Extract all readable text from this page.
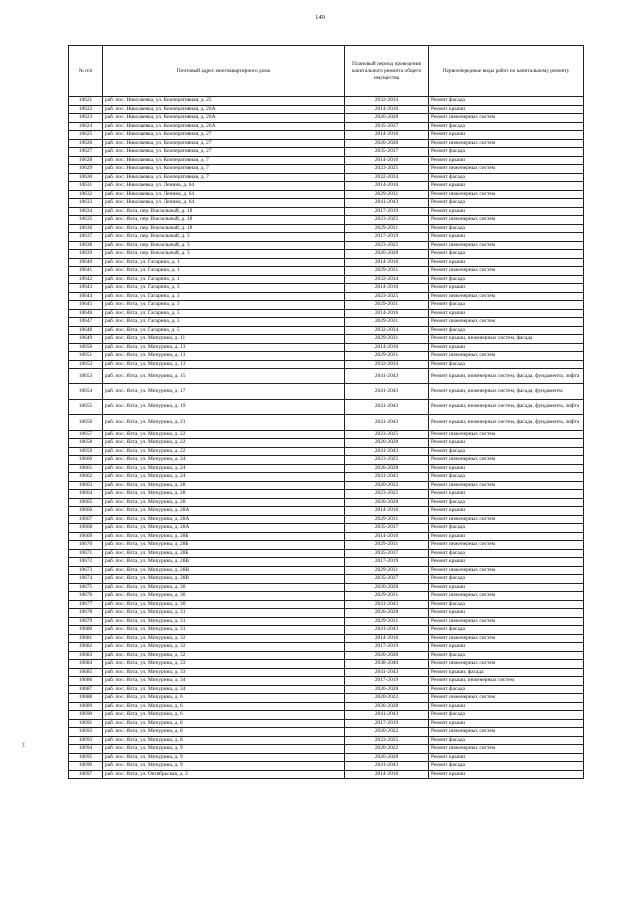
149
⁒
№ п/п	Почтовый адрес многоквартирного дома	Плановый период проведения капитального ремонта общего имущества	Первоочередные виды работ по капитальному ремонту
10621	раб. пос. Николаевка, ул. Кооперативная, д. 25	2032-2034	Ремонт фасада
10622	раб. пос. Николаевка, ул. Кооперативная, д. 26А	2014-2016	Ремонт крыши
10623	раб. пос. Николаевка, ул. Кооперативная, д. 26А	2026-2028	Ремонт инженерных систем
10624	раб. пос. Николаевка, ул. Кооперативная, д. 26А	2035-2037	Ремонт фасада
10625	раб. пос. Николаевка, ул. Кооперативная, д. 27	2014-2016	Ремонт крыши
10626	раб. пос. Николаевка, ул. Кооперативная, д. 27	2026-2028	Ремонт инженерных систем
10627	раб. пос. Николаевка, ул. Кооперативная, д. 27	2035-2037	Ремонт фасада
10628	раб. пос. Николаевка, ул. Кооперативная, д. 7	2014-2016	Ремонт крыши
10629	раб. пос. Николаевка, ул. Кооперативная, д. 7	2023-2025	Ремонт инженерных систем
10630	раб. пос. Николаевка, ул. Кооперативная, д. 7	2032-2034	Ремонт фасада
10631	раб. пос. Николаевка, ул. Ленина, д. 64	2014-2016	Ремонт крыши
10632	раб. пос. Николаевка, ул. Ленина, д. 64	2029-2031	Ремонт инженерных систем
10633	раб. пос. Николаевка, ул. Ленина, д. 64	2041-2043	Ремонт фасада
10634	раб. пос. Ялта, пер. Вокзальный, д. 18	2017-2019	Ремонт крыши
10635	раб. пос. Ялта, пер. Вокзальный, д. 18	2023-2025	Ремонт инженерных систем
10636	раб. пос. Ялта, пер. Вокзальный, д. 18	2029-2031	Ремонт фасада
10637	раб. пос. Ялта, пер. Вокзальный, д. 3	2017-2019	Ремонт крыши
10638	раб. пос. Ялта, пер. Вокзальный, д. 3	2023-2025	Ремонт инженерных систем
10639	раб. пос. Ялта, пер. Вокзальный, д. 3	2026-2028	Ремонт фасада
10640	раб. пос. Ялта, ул. Гагарина, д. 1	2014-2016	Ремонт крыши
10641	раб. пос. Ялта, ул. Гагарина, д. 1	2029-2031	Ремонт инженерных систем
10642	раб. пос. Ялта, ул. Гагарина, д. 1	2032-2034	Ремонт фасада
10643	раб. пос. Ялта, ул. Гагарина, д. 3	2014-2016	Ремонт крыши
10644	раб. пос. Ялта, ул. Гагарина, д. 3	2023-2025	Ремонт инженерных систем
10645	раб. пос. Ялта, ул. Гагарина, д. 3	2029-2031	Ремонт фасада
10646	раб. пос. Ялта, ул. Гагарина, д. 5	2014-2016	Ремонт крыши
10647	раб. пос. Ялта, ул. Гагарина, д. 5	2029-2031	Ремонт инженерных систем
10648	раб. пос. Ялта, ул. Гагарина, д. 5	2032-2034	Ремонт фасада
10649	раб. пос. Ялта, ул. Мичурина, д. 11	2029-2031	Ремонт крыши, инженерных систем, фасада
10650	раб. пос. Ялта, ул. Мичурина, д. 13	2014-2016	Ремонт крыши
10651	раб. пос. Ялта, ул. Мичурина, д. 13	2029-2031	Ремонт инженерных систем
10652	раб. пос. Ялта, ул. Мичурина, д. 13	2032-2034	Ремонт фасада
10653	раб. пос. Ялта, ул. Мичурина, д. 15	2041-2043	Ремонт крыши, инженерных систем, фасада, фундамента, лифта
10654	раб. пос. Ялта, ул. Мичурина, д. 17	2041-2043	Ремонт крыши, инженерных систем, фасада, фундамента
10655	раб. пос. Ялта, ул. Мичурина, д. 19	2041-2043	Ремонт крыши, инженерных систем, фасада, фундамента, лифта
10656	раб. пос. Ялта, ул. Мичурина, д. 21	2041-2043	Ремонт крыши, инженерных систем, фасада, фундамента, лифта
10657	раб. пос. Ялта, ул. Мичурина, д. 22	2023-2025	Ремонт инженерных систем
10658	раб. пос. Ялта, ул. Мичурина, д. 22	2026-2028	Ремонт крыши
10659	раб. пос. Ялта, ул. Мичурина, д. 22	2041-2043	Ремонт фасада
10660	раб. пос. Ялта, ул. Мичурина, д. 24	2023-2025	Ремонт инженерных систем
10661	раб. пос. Ялта, ул. Мичурина, д. 24	2026-2028	Ремонт крыши
10662	раб. пос. Ялта, ул. Мичурина, д. 24	2041-2043	Ремонт фасада
10663	раб. пос. Ялта, ул. Мичурина, д. 28	2020-2022	Ремонт инженерных систем
10664	раб. пос. Ялта, ул. Мичурина, д. 28	2023-2025	Ремонт крыши
10665	раб. пос. Ялта, ул. Мичурина, д. 28	2026-2028	Ремонт фасада
10666	раб. пос. Ялта, ул. Мичурина, д. 28А	2014-2016	Ремонт крыши
10667	раб. пос. Ялта, ул. Мичурина, д. 28А	2029-2031	Ремонт инженерных систем
10668	раб. пос. Ялта, ул. Мичурина, д. 28А	2035-2037	Ремонт фасада
10669	раб. пос. Ялта, ул. Мичурина, д. 28Б	2014-2016	Ремонт крыши
10670	раб. пос. Ялта, ул. Мичурина, д. 28Б	2029-2031	Ремонт инженерных систем
10671	раб. пос. Ялта, ул. Мичурина, д. 28Б	2035-2037	Ремонт фасада
10672	раб. пос. Ялта, ул. Мичурина, д. 28В	2017-2019	Ремонт крыши
10673	раб. пос. Ялта, ул. Мичурина, д. 28В	2029-2031	Ремонт инженерных систем
10674	раб. пос. Ялта, ул. Мичурина, д. 28В	2035-2037	Ремонт фасада
10675	раб. пос. Ялта, ул. Мичурина, д. 30	2026-2028	Ремонт крыши
10676	раб. пос. Ялта, ул. Мичурина, д. 30	2029-2031	Ремонт инженерных систем
10677	раб. пос. Ялта, ул. Мичурина, д. 30	2041-2043	Ремонт фасада
10678	раб. пос. Ялта, ул. Мичурина, д. 31	2026-2028	Ремонт крыши
10679	раб. пос. Ялта, ул. Мичурина, д. 31	2029-2031	Ремонт инженерных систем
10680	раб. пос. Ялта, ул. Мичурина, д. 31	2041-2043	Ремонт фасада
10681	раб. пос. Ялта, ул. Мичурина, д. 32	2014-2016	Ремонт инженерных систем
10682	раб. пос. Ялта, ул. Мичурина, д. 32	2017-2019	Ремонт крыши
10683	раб. пос. Ялта, ул. Мичурина, д. 32	2026-2028	Ремонт фасада
10684	раб. пос. Ялта, ул. Мичурина, д. 33	2038-2040	Ремонт инженерных систем
10685	раб. пос. Ялта, ул. Мичурина, д. 33	2041-2043	Ремонт крыши, фасада
10686	раб. пос. Ялта, ул. Мичурина, д. 34	2017-2019	Ремонт крыши, инженерных систем
10687	раб. пос. Ялта, ул. Мичурина, д. 34	2026-2028	Ремонт фасада
10688	раб. пос. Ялта, ул. Мичурина, д. 6	2020-2022	Ремонт инженерных систем
10689	раб. пос. Ялта, ул. Мичурина, д. 6	2026-2028	Ремонт крыши
10690	раб. пос. Ялта, ул. Мичурина, д. 6	2041-2043	Ремонт фасада
10691	раб. пос. Ялта, ул. Мичурина, д. 8	2017-2019	Ремонт крыши
10692	раб. пос. Ялта, ул. Мичурина, д. 8	2020-2022	Ремонт инженерных систем
10693	раб. пос. Ялта, ул. Мичурина, д. 8	2023-2025	Ремонт фасада
10694	раб. пос. Ялта, ул. Мичурина, д. 9	2020-2022	Ремонт инженерных систем
10695	раб. пос. Ялта, ул. Мичурина, д. 9	2026-2028	Ремонт крыши
10696	раб. пос. Ялта, ул. Мичурина, д. 9	2041-2043	Ремонт фасада
10697	раб. пос. Ялта, ул. Октябрьская, д. 3	2014-2016	Ремонт крыши
